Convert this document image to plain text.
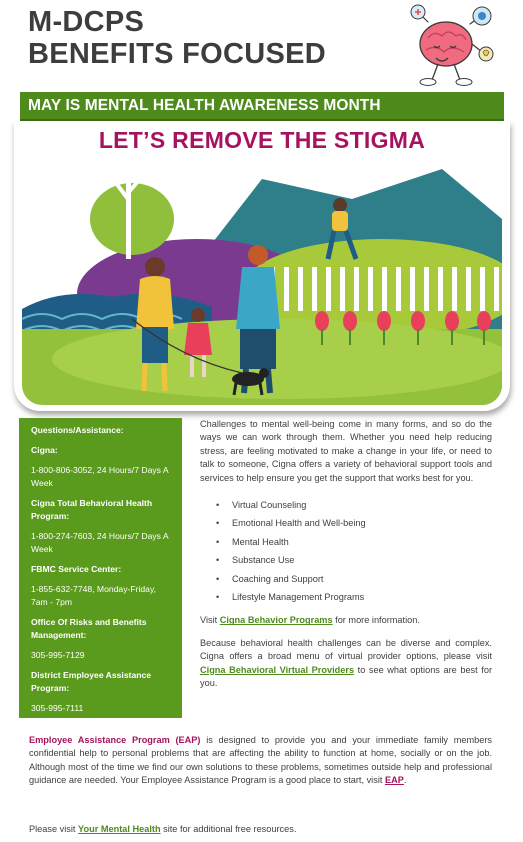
M-DCPS
BENEFITS FOCUSED
MAY IS MENTAL HEALTH AWARENESS MONTH
LET’S REMOVE THE STIGMA
Questions/Assistance:
Cigna:
1-800-806-3052, 24 Hours/7 Days A Week
Cigna Total Behavioral Health Program:
1-800-274-7603, 24 Hours/7 Days A Week
FBMC Service Center:
1-855-632-7748, Monday-Friday, 7am - 7pm
Office Of Risks and Benefits Management:
305-995-7129
District Employee Assistance Program:
305-995-7111

Challenges to mental well-being come in many forms, and so do the ways we can work through them. Whether you need help reducing stress, are feeling motivated to make a change in your life, or need to talk to someone, Cigna offers a variety of behavioral support tools and services to help ensure you get the support that works best for you.

• Virtual Counseling
• Emotional Health and Well-being
• Mental Health
• Substance Use
• Coaching and Support
• Lifestyle Management Programs

Visit Cigna Behavior Programs for more information.

Because behavioral health challenges can be diverse and complex. Cigna offers a broad menu of virtual provider options, please visit Cigna Behavioral Virtual Providers to see what options are best for you.

Employee Assistance Program (EAP) is designed to provide you and your immediate family members confidential help to personal problems that are affecting the ability to function at home, socially or on the job. Although most of the time we find our own solutions to these problems, sometimes outside help and professional guidance are needed. Your Employee Assistance Program is a good place to start, visit EAP.
Please visit Your Mental Health site for additional free resources.
